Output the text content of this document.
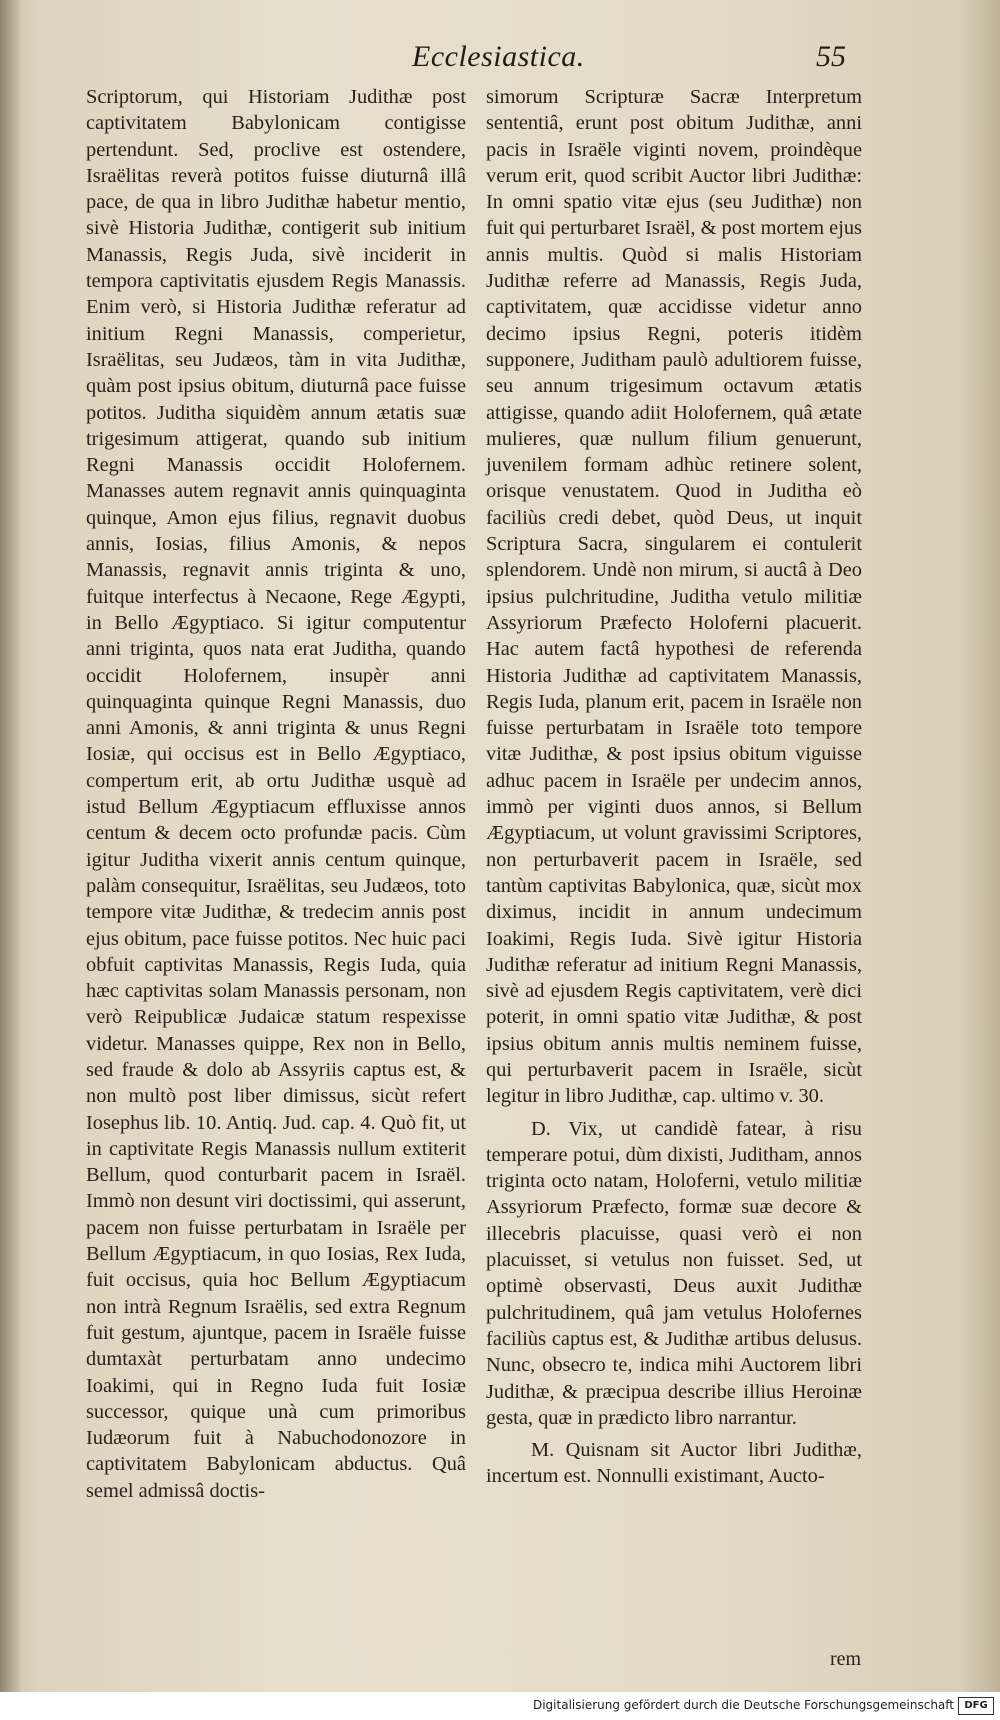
Ecclesiastica.	55

Scriptorum, qui Historiam Judithæ post captivitatem Babylonicam contigisse pertendunt. Sed, proclive est ostendere, Israëlitas reverà potitos fuisse diuturnâ illâ pace, de qua in libro Judithæ habetur mentio, sivè Historia Judithæ, contigerit sub initium Manassis, Regis Juda, sivè inciderit in tempora captivitatis ejusdem Regis Manassis. Enim verò, si Historia Judithæ referatur ad initium Regni Manassis, comperietur, Israëlitas, seu Judæos, tàm in vita Judithæ, quàm post ipsius obitum, diuturnâ pace fuisse potitos. Juditha siquidèm annum ætatis suæ trigesimum attigerat, quando sub initium Regni Manassis occidit Holofernem. Manasses autem regnavit annis quinquaginta quinque, Amon ejus filius, regnavit duobus annis, Iosias, filius Amonis, & nepos Manassis, regnavit annis triginta & uno, fuitque interfectus à Necaone, Rege Ægypti, in Bello Ægyptiaco. Si igitur computentur anni triginta, quos nata erat Juditha, quando occidit Holofernem, insupèr anni quinquaginta quinque Regni Manassis, duo anni Amonis, & anni triginta & unus Regni Iosiæ, qui occisus est in Bello Ægyptiaco, compertum erit, ab ortu Judithæ usquè ad istud Bellum Ægyptiacum effluxisse annos centum & decem octo profundæ pacis. Cùm igitur Juditha vixerit annis centum quinque, palàm consequitur, Israëlitas, seu Judæos, toto tempore vitæ Judithæ, & tredecim annis post ejus obitum, pace fuisse potitos. Nec huic paci obfuit captivitas Manassis, Regis Iuda, quia hæc captivitas solam Manassis personam, non verò Reipublicæ Judaicæ statum respexisse videtur. Manasses quippe, Rex non in Bello, sed fraude & dolo ab Assyriis captus est, & non multò post liber dimissus, sicùt refert Iosephus lib. 10. Antiq. Jud. cap. 4. Quò fit, ut in captivitate Regis Manassis nullum extiterit Bellum, quod conturbarit pacem in Israël. Immò non desunt viri doctissimi, qui asserunt, pacem non fuisse perturbatam in Israële per Bellum Ægyptiacum, in quo Iosias, Rex Iuda, fuit occisus, quia hoc Bellum Ægyptiacum non intrà Regnum Israëlis, sed extra Regnum fuit gestum, ajuntque, pacem in Israële fuisse dumtaxàt perturbatam anno undecimo Ioakimi, qui in Regno Iuda fuit Iosiæ successor, quique unà cum primoribus Iudæorum fuit à Nabuchodonozore in captivitatem Babylonicam abductus. Quâ semel admissâ doctis-

simorum Scripturæ Sacræ Interpretum sententiâ, erunt post obitum Judithæ, anni pacis in Israële viginti novem, proindèque verum erit, quod scribit Auctor libri Judithæ: In omni spatio vitæ ejus (seu Judithæ) non fuit qui perturbaret Israël, & post mortem ejus annis multis. Quòd si malis Historiam Judithæ referre ad Manassis, Regis Juda, captivitatem, quæ accidisse videtur anno decimo ipsius Regni, poteris itidèm supponere, Juditham paulò adultiorem fuisse, seu annum trigesimum octavum ætatis attigisse, quando adiit Holofernem, quâ ætate mulieres, quæ nullum filium genuerunt, juvenilem formam adhùc retinere solent, orisque venustatem. Quod in Juditha eò faciliùs credi debet, quòd Deus, ut inquit Scriptura Sacra, singularem ei contulerit splendorem. Undè non mirum, si auctâ à Deo ipsius pulchritudine, Juditha vetulo militiæ Assyriorum Præfecto Holoferni placuerit. Hac autem factâ hypothesi de referenda Historia Judithæ ad captivitatem Manassis, Regis Iuda, planum erit, pacem in Israële non fuisse perturbatam in Israële toto tempore vitæ Judithæ, & post ipsius obitum viguisse adhuc pacem in Israële per undecim annos, immò per viginti duos annos, si Bellum Ægyptiacum, ut volunt gravissimi Scriptores, non perturbaverit pacem in Israële, sed tantùm captivitas Babylonica, quæ, sicùt mox diximus, incidit in annum undecimum Ioakimi, Regis Iuda. Sivè igitur Historia Judithæ referatur ad initium Regni Manassis, sivè ad ejusdem Regis captivitatem, verè dici poterit, in omni spatio vitæ Judithæ, & post ipsius obitum annis multis neminem fuisse, qui perturbaverit pacem in Israële, sicùt legitur in libro Judithæ, cap. ultimo v. 30.

D. Vix, ut candidè fatear, à risu temperare potui, dùm dixisti, Juditham, annos triginta octo natam, Holoferni, vetulo militiæ Assyriorum Præfecto, formæ suæ decore & illecebris placuisse, quasi verò ei non placuisset, si vetulus non fuisset. Sed, ut optimè observasti, Deus auxit Judithæ pulchritudinem, quâ jam vetulus Holofernes faciliùs captus est, & Judithæ artibus delusus. Nunc, obsecro te, indica mihi Auctorem libri Judithæ, & præcipua describe illius Heroinæ gesta, quæ in prædicto libro narrantur.

M. Quisnam sit Auctor libri Judithæ, incertum est. Nonnulli existimant, Aucto-

rem
Digitalisierung gefördert durch die Deutsche Forschungsgemeinschaft	DFG
